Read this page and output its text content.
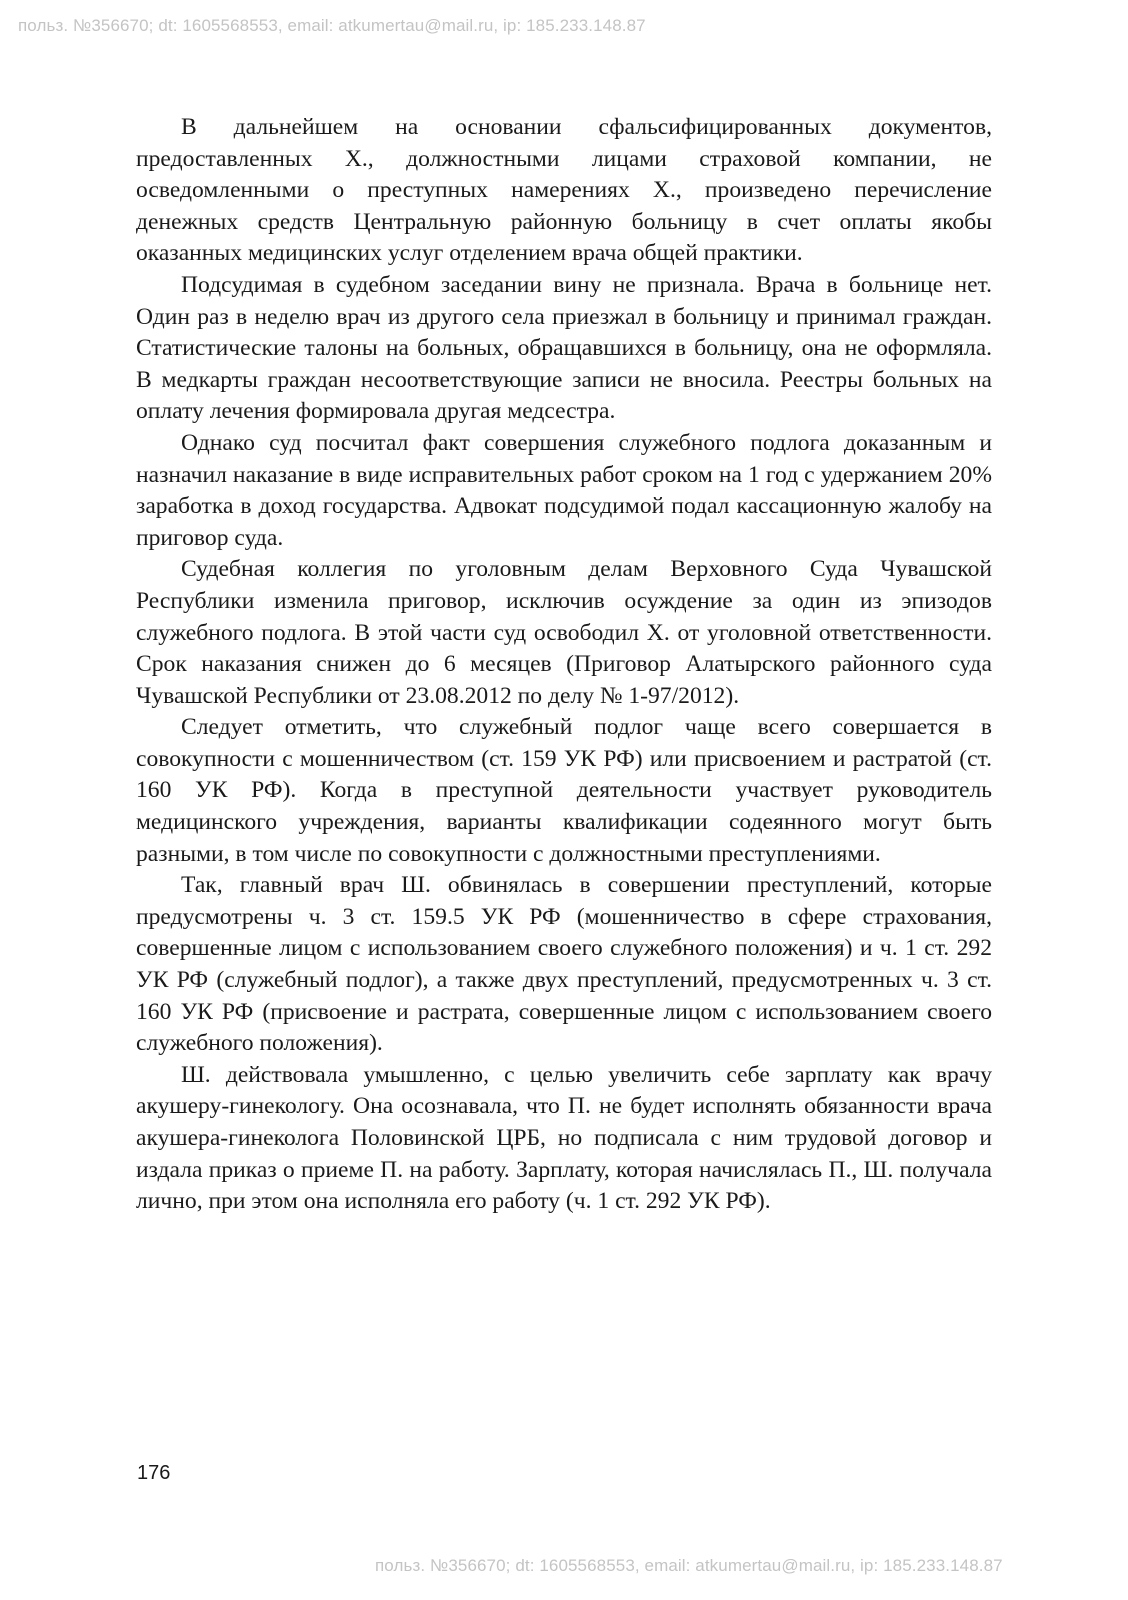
польз. №356670; dt: 1605568553, email: atkumertau@mail.ru, ip: 185.233.148.87

В дальнейшем на основании сфальсифицированных документов, предоставленных Х., должностными лицами страховой компании, не осведомленными о преступных намерениях Х., произведено перечисление денежных средств Центральную районную больницу в счет оплаты якобы оказанных медицинских услуг отделением врача общей практики.

Подсудимая в судебном заседании вину не признала. Врача в больнице нет. Один раз в неделю врач из другого села приезжал в больницу и принимал граждан. Статистические талоны на больных, обращавшихся в больницу, она не оформляла. В медкарты граждан несоответствующие записи не вносила. Реестры больных на оплату лечения формировала другая медсестра.

Однако суд посчитал факт совершения служебного подлога доказанным и назначил наказание в виде исправительных работ сроком на 1 год с удержанием 20% заработка в доход государства. Адвокат подсудимой подал кассационную жалобу на приговор суда.

Судебная коллегия по уголовным делам Верховного Суда Чувашской Республики изменила приговор, исключив осуждение за один из эпизодов служебного подлога. В этой части суд освободил Х. от уголовной ответственности. Срок наказания снижен до 6 месяцев (Приговор Алатырского районного суда Чувашской Республики от 23.08.2012 по делу № 1-97/2012).

Следует отметить, что служебный подлог чаще всего совершается в совокупности с мошенничеством (ст. 159 УК РФ) или присвоением и растратой (ст. 160 УК РФ). Когда в преступной деятельности участвует руководитель медицинского учреждения, варианты квалификации содеянного могут быть разными, в том числе по совокупности с должностными преступлениями.

Так, главный врач Ш. обвинялась в совершении преступлений, которые предусмотрены ч. 3 ст. 159.5 УК РФ (мошенничество в сфере страхования, совершенные лицом с использованием своего служебного положения) и ч. 1 ст. 292 УК РФ (служебный подлог), а также двух преступлений, предусмотренных ч. 3 ст. 160 УК РФ (присвоение и растрата, совершенные лицом с использованием своего служебного положения).

Ш. действовала умышленно, с целью увеличить себе зарплату как врачу акушеру-гинекологу. Она осознавала, что П. не будет исполнять обязанности врача акушера-гинеколога Половинской ЦРБ, но подписала с ним трудовой договор и издала приказ о приеме П. на работу. Зарплату, которая начислялась П., Ш. получала лично, при этом она исполняла его работу (ч. 1 ст. 292 УК РФ).

176
польз. №356670; dt: 1605568553, email: atkumertau@mail.ru, ip: 185.233.148.87
